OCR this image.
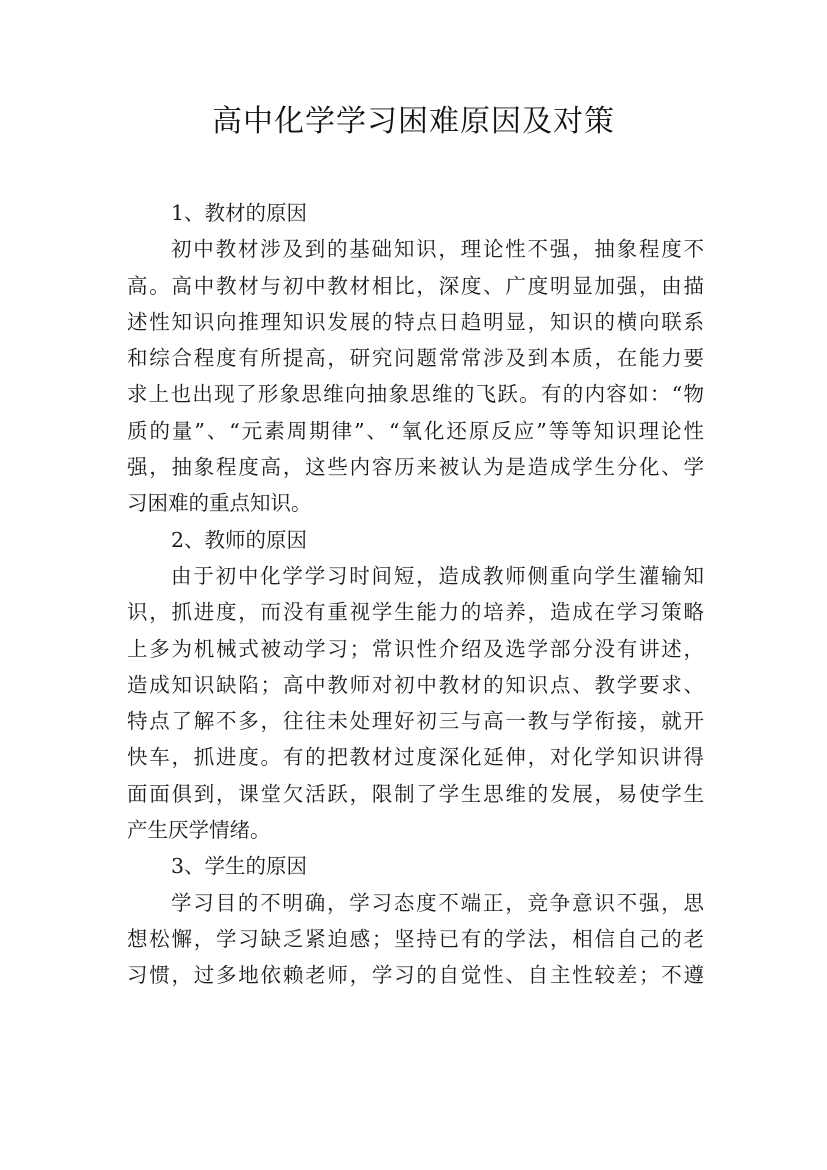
高中化学学习困难原因及对策
1、教材的原因
初中教材涉及到的基础知识，理论性不强，抽象程度不
高。高中教材与初中教材相比，深度、广度明显加强，由描
述性知识向推理知识发展的特点日趋明显，知识的横向联系
和综合程度有所提高，研究问题常常涉及到本质，在能力要
求上也出现了形象思维向抽象思维的飞跃。有的内容如：“物
质的量”、“元素周期律”、“氧化还原反应”等等知识理论性
强，抽象程度高，这些内容历来被认为是造成学生分化、学
习困难的重点知识。
2、教师的原因
由于初中化学学习时间短，造成教师侧重向学生灌输知
识，抓进度，而没有重视学生能力的培养，造成在学习策略
上多为机械式被动学习；常识性介绍及选学部分没有讲述，
造成知识缺陷；高中教师对初中教材的知识点、教学要求、
特点了解不多，往往未处理好初三与高一教与学衔接，就开
快车，抓进度。有的把教材过度深化延伸，对化学知识讲得
面面俱到，课堂欠活跃，限制了学生思维的发展，易使学生
产生厌学情绪。
3、学生的原因
学习目的不明确，学习态度不端正，竞争意识不强，思
想松懈，学习缺乏紧迫感；坚持已有的学法，相信自己的老
习惯，过多地依赖老师，学习的自觉性、自主性较差；不遵
